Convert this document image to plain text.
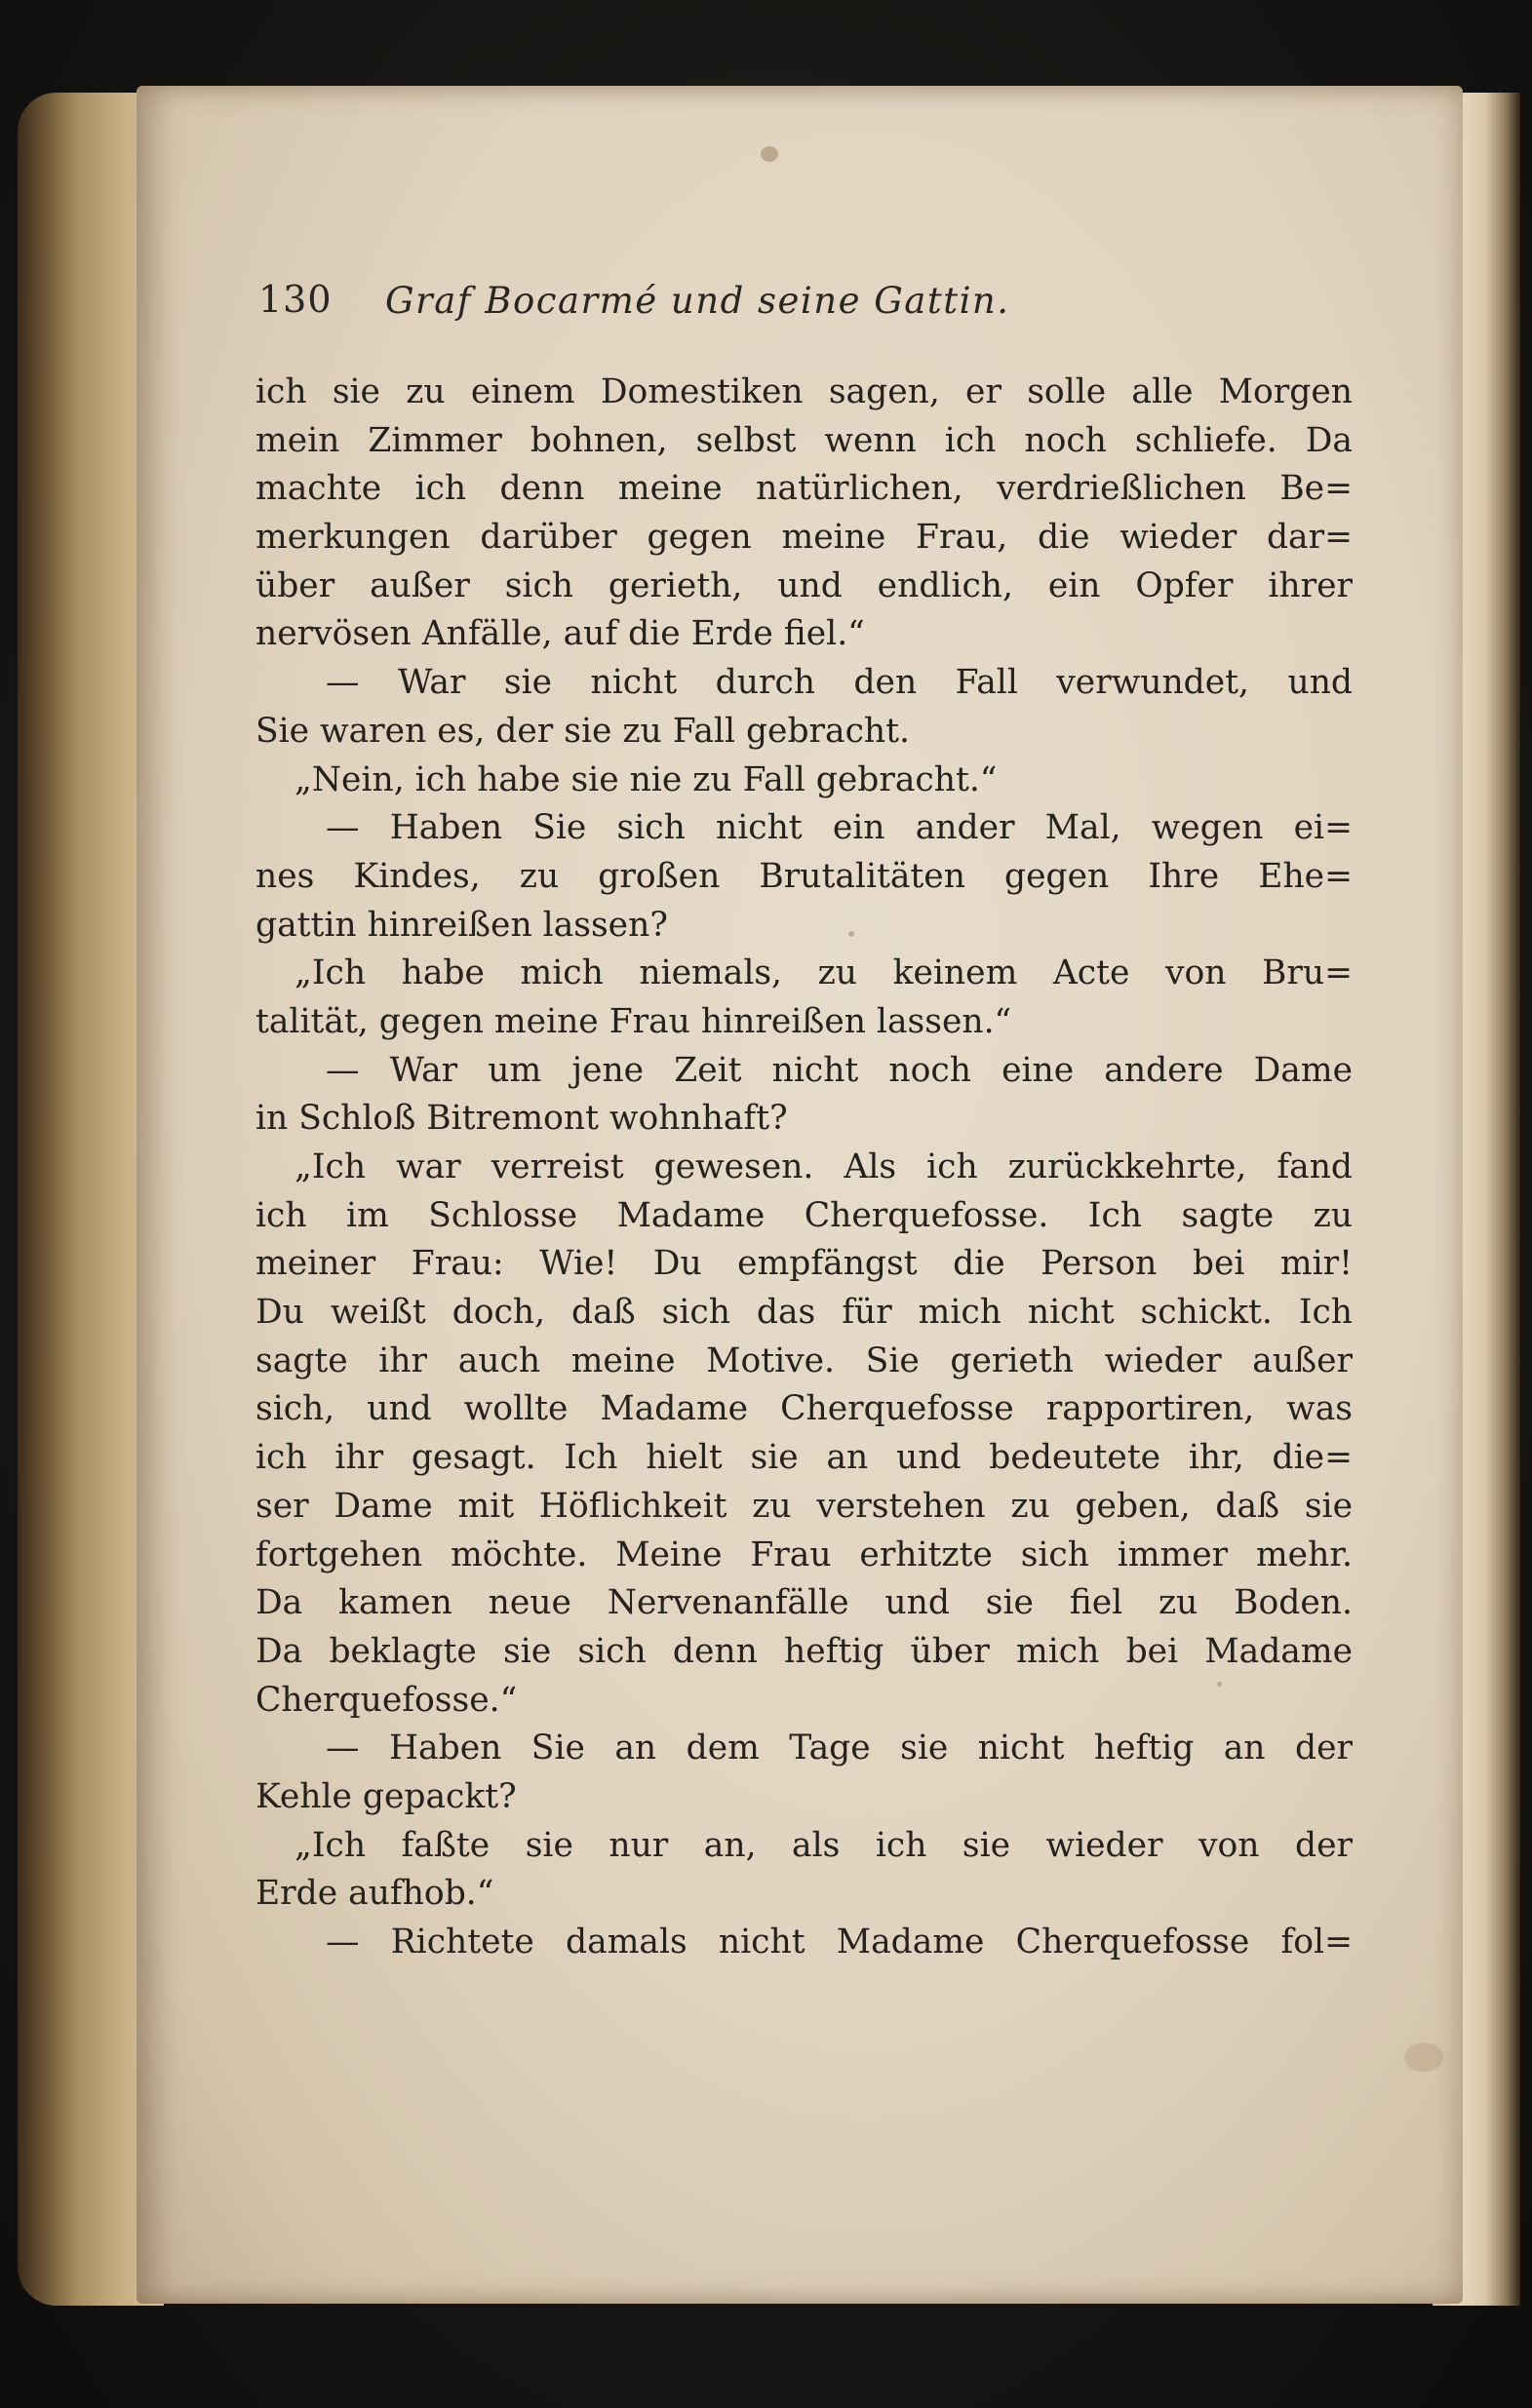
130 Graf Bocarmé und seine Gattin.
ich sie zu einem Domestiken sagen, er solle alle Morgen
mein Zimmer bohnen, selbst wenn ich noch schliefe. Da
machte ich denn meine natürlichen, verdrießlichen Be=
merkungen darüber gegen meine Frau, die wieder dar=
über außer sich gerieth, und endlich, ein Opfer ihrer
nervösen Anfälle, auf die Erde fiel.“
— War sie nicht durch den Fall verwundet, und
Sie waren es, der sie zu Fall gebracht.
„Nein, ich habe sie nie zu Fall gebracht.“
— Haben Sie sich nicht ein ander Mal, wegen ei=
nes Kindes, zu großen Brutalitäten gegen Ihre Ehe=
gattin hinreißen lassen?
„Ich habe mich niemals, zu keinem Acte von Bru=
talität, gegen meine Frau hinreißen lassen.“
— War um jene Zeit nicht noch eine andere Dame
in Schloß Bitremont wohnhaft?
„Ich war verreist gewesen. Als ich zurückkehrte, fand
ich im Schlosse Madame Cherquefosse. Ich sagte zu
meiner Frau: Wie! Du empfängst die Person bei mir!
Du weißt doch, daß sich das für mich nicht schickt. Ich
sagte ihr auch meine Motive. Sie gerieth wieder außer
sich, und wollte Madame Cherquefosse rapportiren, was
ich ihr gesagt. Ich hielt sie an und bedeutete ihr, die=
ser Dame mit Höflichkeit zu verstehen zu geben, daß sie
fortgehen möchte. Meine Frau erhitzte sich immer mehr.
Da kamen neue Nervenanfälle und sie fiel zu Boden.
Da beklagte sie sich denn heftig über mich bei Madame
Cherquefosse.“
— Haben Sie an dem Tage sie nicht heftig an der
Kehle gepackt?
„Ich faßte sie nur an, als ich sie wieder von der
Erde aufhob.“
— Richtete damals nicht Madame Cherquefosse fol=
